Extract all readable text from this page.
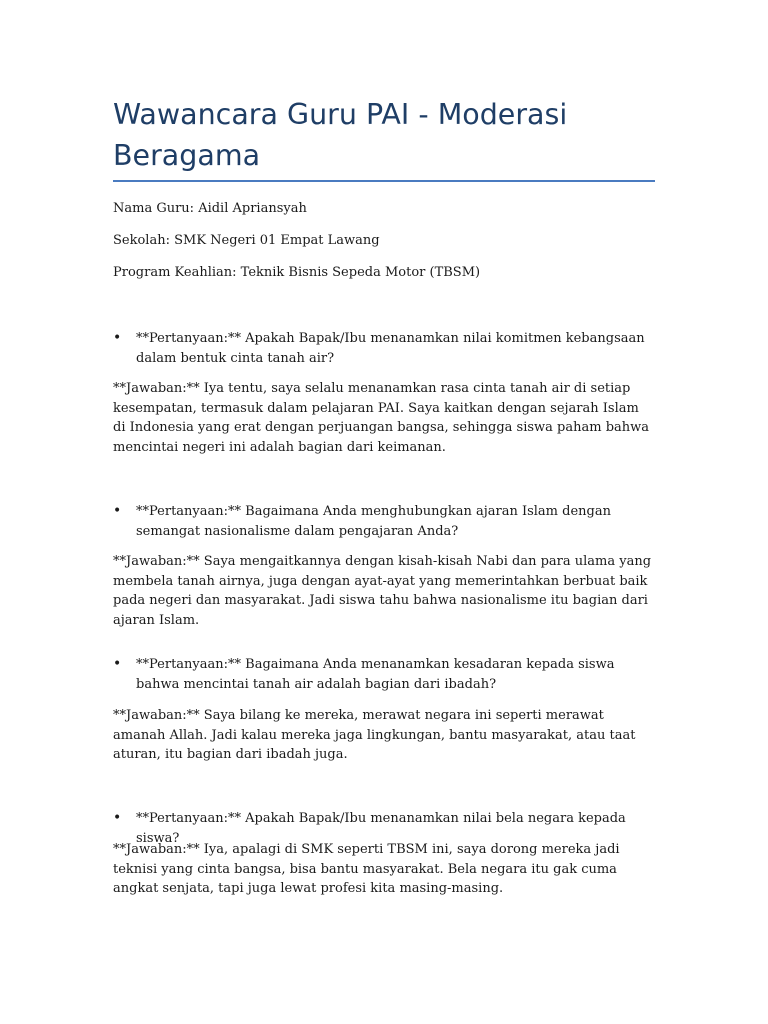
Wawancara Guru PAI - Moderasi Beragama

Nama Guru: Aidil Apriansyah

Sekolah: SMK Negeri 01 Empat Lawang

Program Keahlian: Teknik Bisnis Sepeda Motor (TBSM)

• **Pertanyaan:** Apakah Bapak/Ibu menanamkan nilai komitmen kebangsaan dalam bentuk cinta tanah air?

**Jawaban:** Iya tentu, saya selalu menanamkan rasa cinta tanah air di setiap kesempatan, termasuk dalam pelajaran PAI. Saya kaitkan dengan sejarah Islam di Indonesia yang erat dengan perjuangan bangsa, sehingga siswa paham bahwa mencintai negeri ini adalah bagian dari keimanan.

• **Pertanyaan:** Bagaimana Anda menghubungkan ajaran Islam dengan semangat nasionalisme dalam pengajaran Anda?

**Jawaban:** Saya mengaitkannya dengan kisah-kisah Nabi dan para ulama yang membela tanah airnya, juga dengan ayat-ayat yang memerintahkan berbuat baik pada negeri dan masyarakat. Jadi siswa tahu bahwa nasionalisme itu bagian dari ajaran Islam.

• **Pertanyaan:** Bagaimana Anda menanamkan kesadaran kepada siswa bahwa mencintai tanah air adalah bagian dari ibadah?

**Jawaban:** Saya bilang ke mereka, merawat negara ini seperti merawat amanah Allah. Jadi kalau mereka jaga lingkungan, bantu masyarakat, atau taat aturan, itu bagian dari ibadah juga.

• **Pertanyaan:** Apakah Bapak/Ibu menanamkan nilai bela negara kepada siswa?

**Jawaban:** Iya, apalagi di SMK seperti TBSM ini, saya dorong mereka jadi teknisi yang cinta bangsa, bisa bantu masyarakat. Bela negara itu gak cuma angkat senjata, tapi juga lewat profesi kita masing-masing.
